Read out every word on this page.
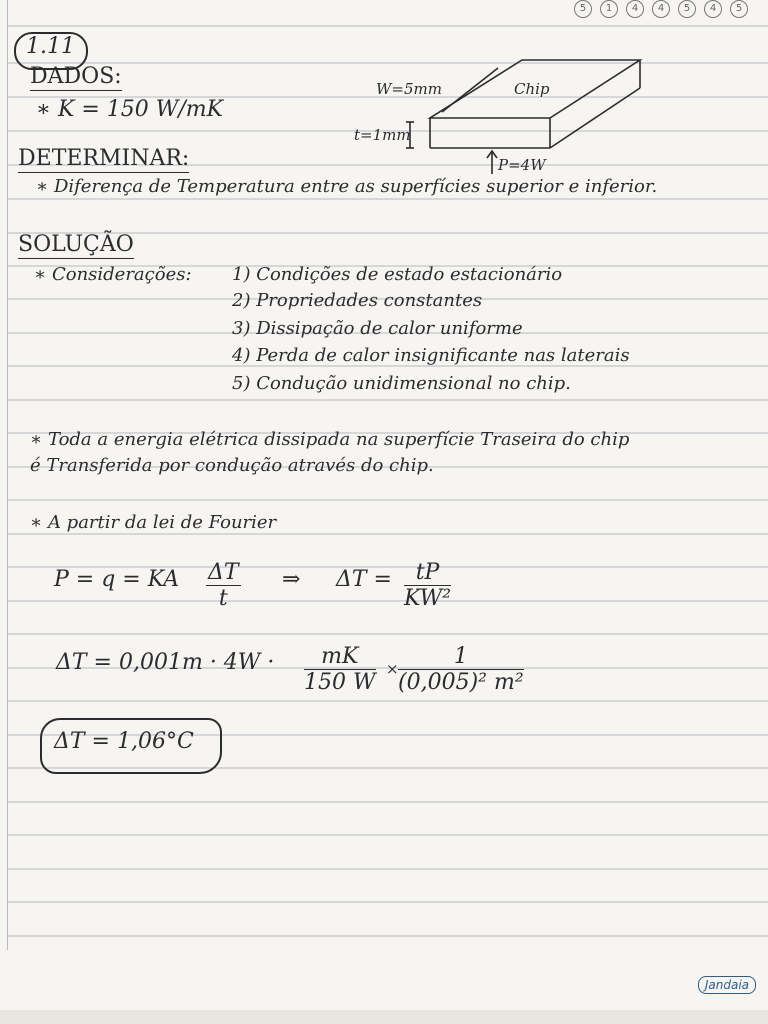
5	1	4	4	5	4	5
1.11
DADOS:
∗ K = 150 W/mK
W=5mm	Chip
t=1mm
P=4W
DETERMINAR:
∗ Diferença de Temperatura entre as superfícies superior e inferior.
SOLUÇÃO
∗ Considerações: 1) Condições de estado estacionário
2) Propriedades constantes
3) Dissipação de calor uniforme
4) Perda de calor insignificante nas laterais
5) Condução unidimensional no chip.
∗ Toda a energia elétrica dissipada na superfície Traseira do chip
é Transferida por condução através do chip.
∗ A partir da lei de Fourier
P = q = KA $\frac{\Delta T}{t}$ ⇒ $\Delta T = \frac{tP}{\text{KW²}}$
$\Delta T = 0,001m \cdot 4W \cdot \frac{mK}{150 W} \times \frac{1}{\text{(0,005)² m²}}$
ΔT = 1,06°C
Jandaia
